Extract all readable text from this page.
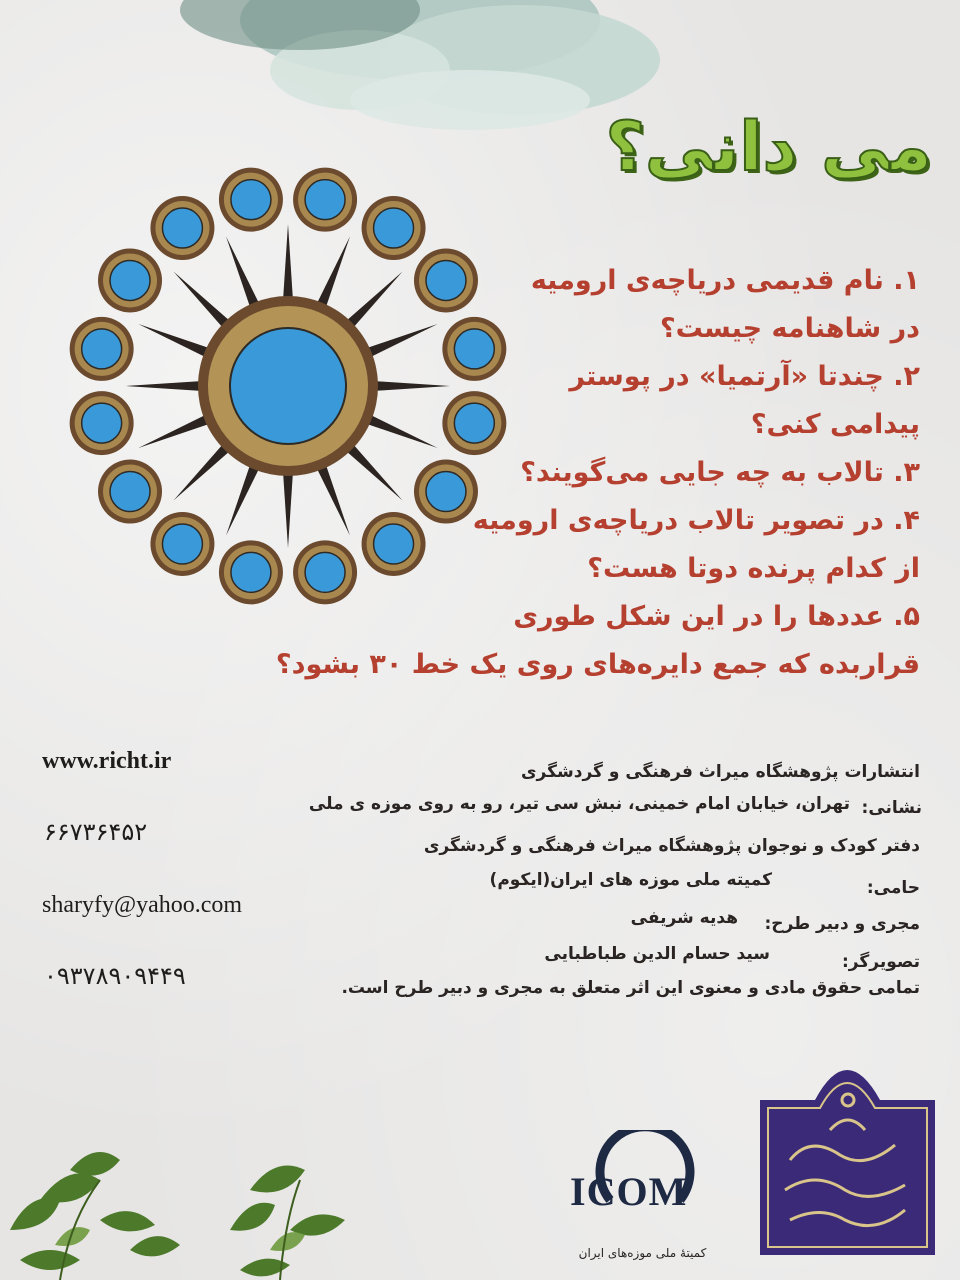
می دانی؟
۱. نام قدیمی دریاچه‌ی ارومیه
در شاهنامه چیست؟
۲. چندتا «آرتمیا» در پوستر
پیدامی کنی؟
۳. تالاب به چه جایی می‌گویند؟
۴. در تصویر تالاب دریاچه‌ی ارومیه
از کدام پرنده دوتا هست؟
۵. عددها را در این شکل طوری
قراربده که جمع دایره‌های روی یک خط ۳۰ بشود؟
www.richt.ir
۶۶۷۳۶۴۵۲
sharyfy@yahoo.com
۰۹۳۷۸۹۰۹۴۴۹
انتشارات پژوهشگاه میراث فرهنگی و گردشگری
نشانی:
تهران، خیابان امام خمینی، نبش سی تیر، رو به روی موزه ی ملی
دفتر کودک و نوجوان پژوهشگاه میراث فرهنگی و گردشگری
حامی:
کمیته ملی موزه های ایران(ایکوم)
مجری و دبیر طرح:
هدیه شریفی
تصویرگر:
سید حسام الدین طباطبایی
تمامی حقوق مادی و معنوی این اثر متعلق به مجری و دبیر طرح است.
ICOM
کمیتهٔ ملی موزه‌های ایران
